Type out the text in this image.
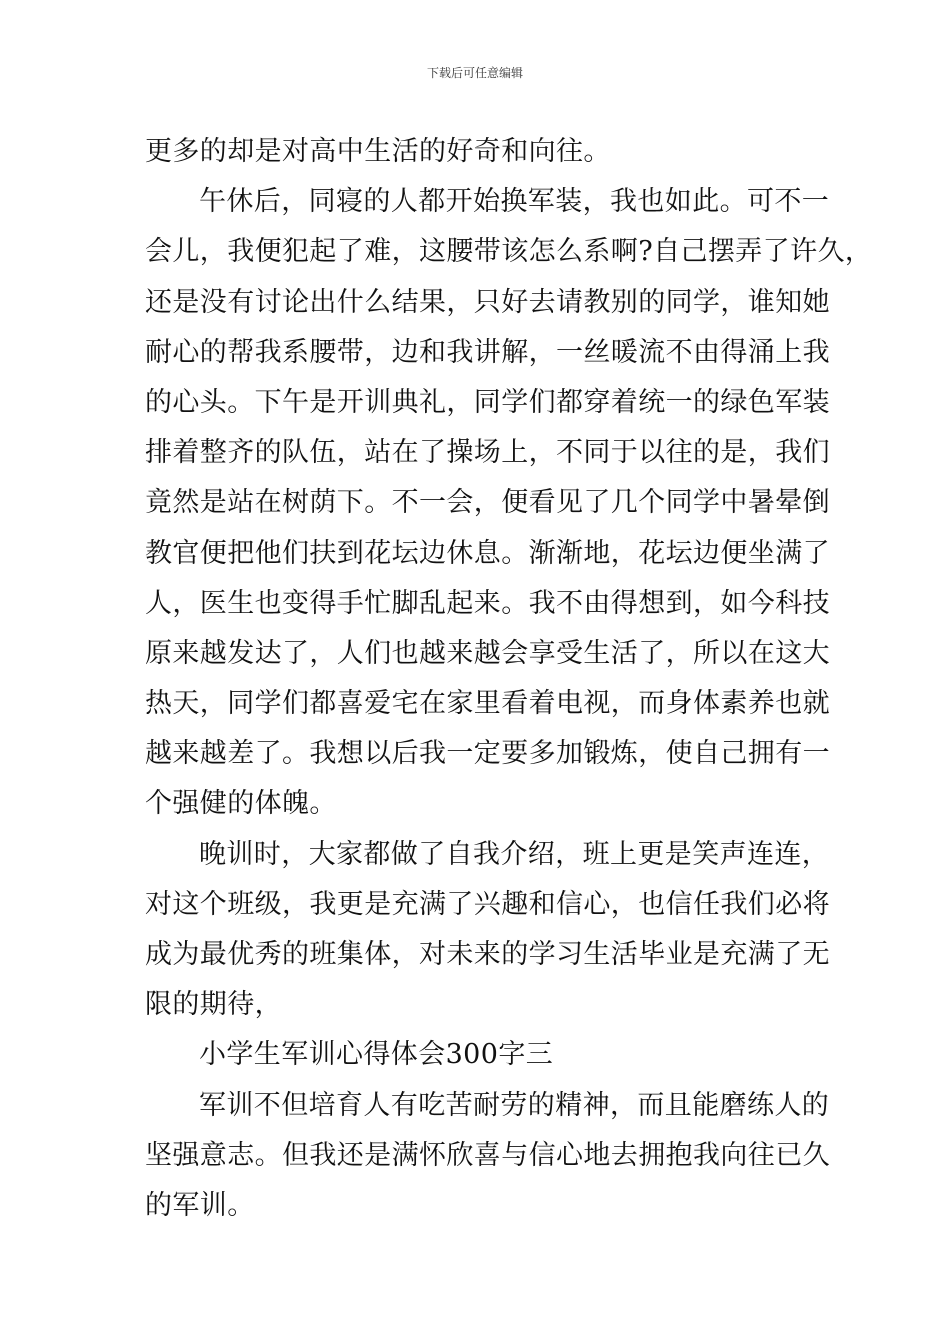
下载后可任意编辑
更多的却是对高中生活的好奇和向往。
午休后，同寝的人都开始换军装，我也如此。可不一
会儿，我便犯起了难，这腰带该怎么系啊?自己摆弄了许久，
还是没有讨论出什么结果，只好去请教别的同学，谁知她
耐心的帮我系腰带，边和我讲解，一丝暖流不由得涌上我
的心头。下午是开训典礼，同学们都穿着统一的绿色军装
排着整齐的队伍，站在了操场上，不同于以往的是，我们
竟然是站在树荫下。不一会，便看见了几个同学中暑晕倒
教官便把他们扶到花坛边休息。渐渐地，花坛边便坐满了
人，医生也变得手忙脚乱起来。我不由得想到，如今科技
原来越发达了，人们也越来越会享受生活了，所以在这大
热天，同学们都喜爱宅在家里看着电视，而身体素养也就
越来越差了。我想以后我一定要多加锻炼，使自己拥有一
个强健的体魄。
晚训时，大家都做了自我介绍，班上更是笑声连连，
对这个班级，我更是充满了兴趣和信心，也信任我们必将
成为最优秀的班集体，对未来的学习生活毕业是充满了无
限的期待，
小学生军训心得体会300字三
军训不但培育人有吃苦耐劳的精神，而且能磨练人的
坚强意志。但我还是满怀欣喜与信心地去拥抱我向往已久
的军训。
